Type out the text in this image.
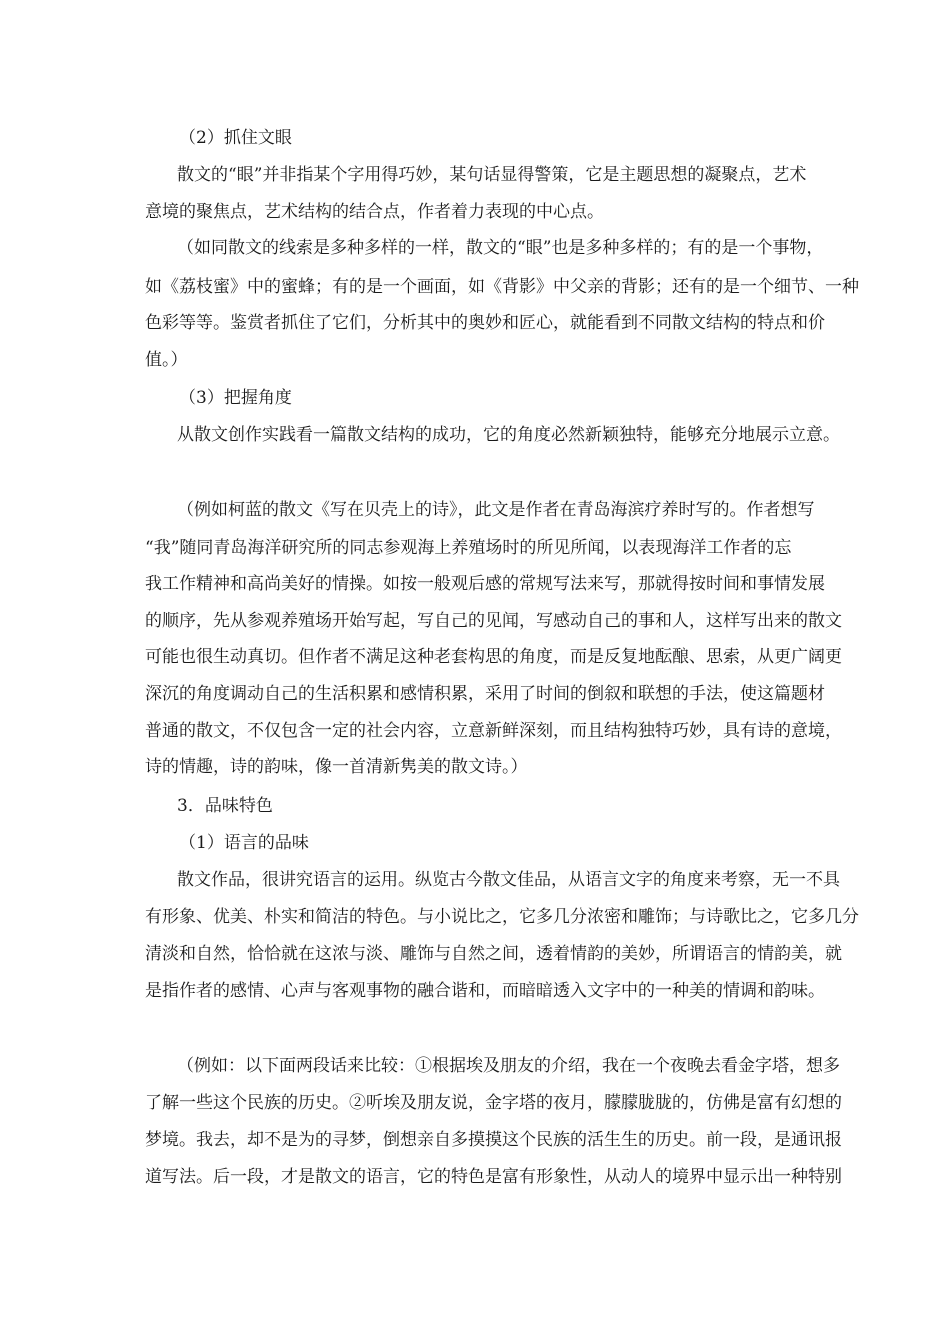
（2）抓住文眼
散文的“眼”并非指某个字用得巧妙，某句话显得警策，它是主题思想的凝聚点，艺术
意境的聚焦点，艺术结构的结合点，作者着力表现的中心点。
（如同散文的线索是多种多样的一样，散文的“眼”也是多种多样的；有的是一个事物，
如《荔枝蜜》中的蜜蜂；有的是一个画面，如《背影》中父亲的背影；还有的是一个细节、一种
色彩等等。鉴赏者抓住了它们，分析其中的奥妙和匠心，就能看到不同散文结构的特点和价
值。）
（3）把握角度
从散文创作实践看一篇散文结构的成功，它的角度必然新颖独特，能够充分地展示立意。
（例如柯蓝的散文《写在贝壳上的诗》，此文是作者在青岛海滨疗养时写的。作者想写
“我”随同青岛海洋研究所的同志参观海上养殖场时的所见所闻，以表现海洋工作者的忘
我工作精神和高尚美好的情操。如按一般观后感的常规写法来写，那就得按时间和事情发展
的顺序，先从参观养殖场开始写起，写自己的见闻，写感动自己的事和人，这样写出来的散文
可能也很生动真切。但作者不满足这种老套构思的角度，而是反复地酝酿、思索，从更广阔更
深沉的角度调动自己的生活积累和感情积累，采用了时间的倒叙和联想的手法，使这篇题材
普通的散文，不仅包含一定的社会内容，立意新鲜深刻，而且结构独特巧妙，具有诗的意境，
诗的情趣，诗的韵味，像一首清新隽美的散文诗。）
3．品味特色
（1）语言的品味
散文作品，很讲究语言的运用。纵览古今散文佳品，从语言文字的角度来考察，无一不具
有形象、优美、朴实和简洁的特色。与小说比之，它多几分浓密和雕饰；与诗歌比之，它多几分
清淡和自然，恰恰就在这浓与淡、雕饰与自然之间，透着情韵的美妙，所谓语言的情韵美，就
是指作者的感情、心声与客观事物的融合谐和，而暗暗透入文字中的一种美的情调和韵味。
（例如：以下面两段话来比较：①根据埃及朋友的介绍，我在一个夜晚去看金字塔，想多
了解一些这个民族的历史。②听埃及朋友说，金字塔的夜月，朦朦胧胧的，仿佛是富有幻想的
梦境。我去，却不是为的寻梦，倒想亲自多摸摸这个民族的活生生的历史。前一段，是通讯报
道写法。后一段，才是散文的语言，它的特色是富有形象性，从动人的境界中显示出一种特别
